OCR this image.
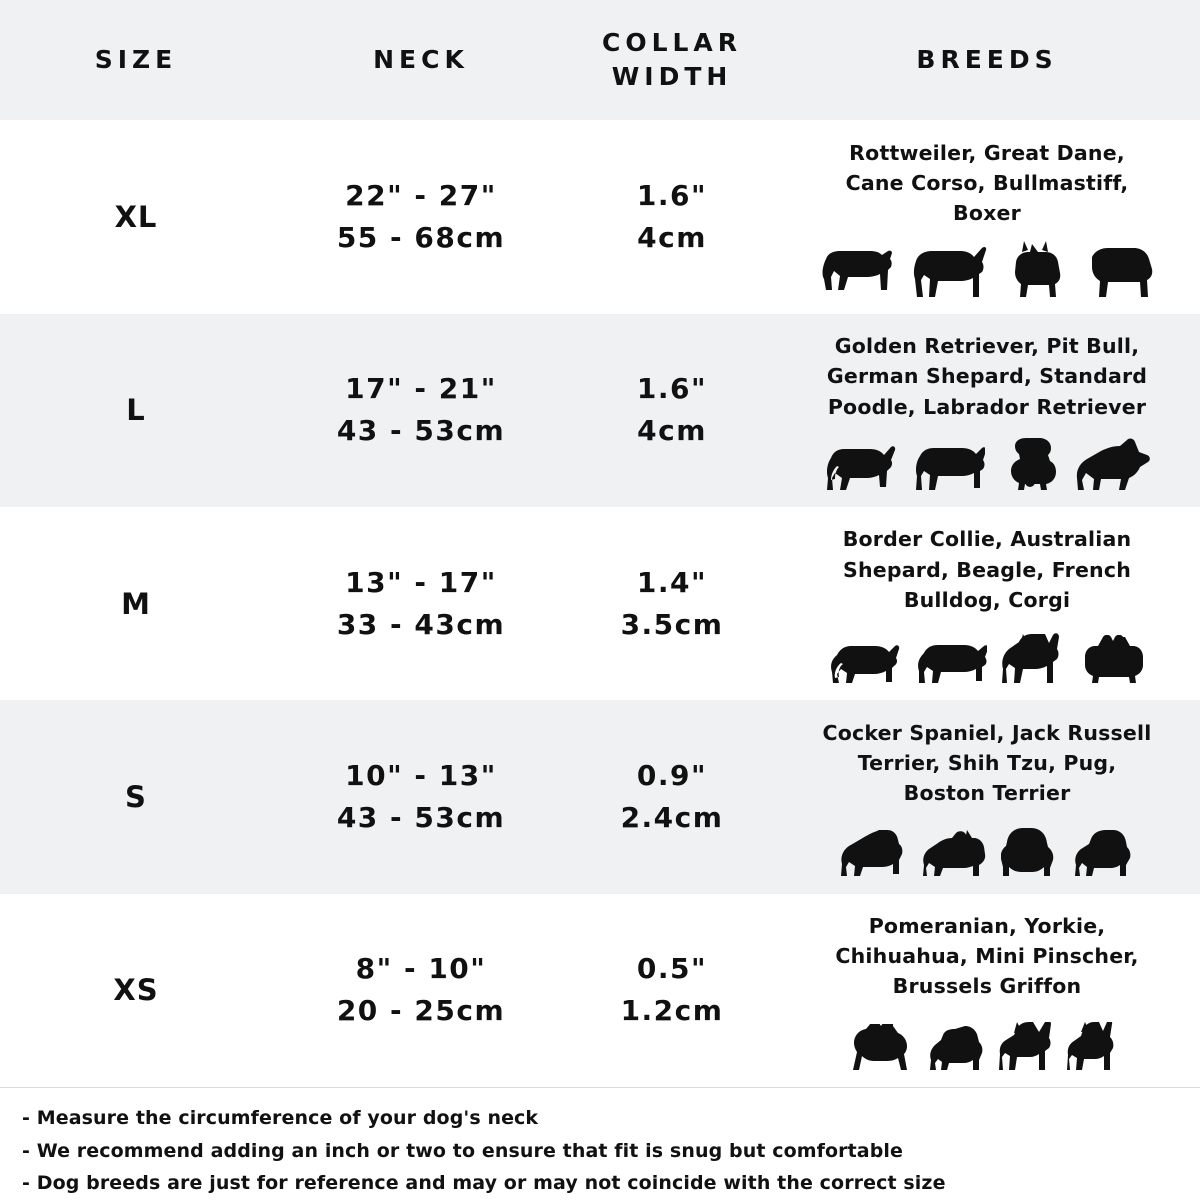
SIZE	NECK
COLLAR
WIDTH
BREEDS
XL
22" - 27"
55 - 68cm
1.6"
4cm
Rottweiler, Great Dane, Cane Corso, Bullmastiff, Boxer
L
17" - 21"
43 - 53cm
1.6"
4cm
Golden Retriever, Pit Bull, German Shepard, Standard Poodle, Labrador Retriever
M
13" - 17"
33 - 43cm
1.4"
3.5cm
Border Collie, Australian Shepard, Beagle, French Bulldog, Corgi
S
10" - 13"
43 - 53cm
0.9"
2.4cm
Cocker Spaniel, Jack Russell Terrier, Shih Tzu, Pug, Boston Terrier
XS
8" - 10"
20 - 25cm
0.5"
1.2cm
Pomeranian, Yorkie, Chihuahua, Mini Pinscher, Brussels Griffon
- Measure the circumference of your dog's neck
- We recommend adding an inch or two to ensure that fit is snug but comfortable
- Dog breeds are just for reference and may or may not coincide with the correct size
